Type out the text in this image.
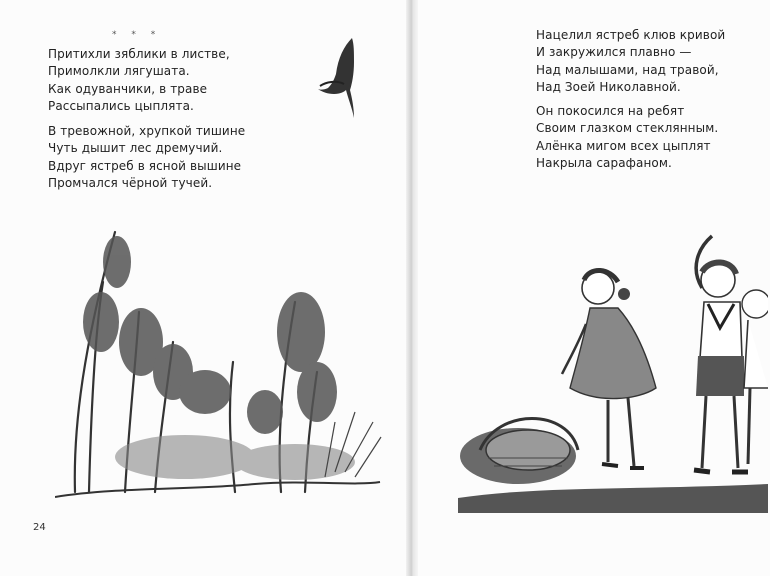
* * *
Притихли зяблики в листве,
Примолкли лягушата.
Как одуванчики, в траве
Рассыпались цыплята.
В тревожной, хрупкой тишине
Чуть дышит лес дремучий.
Вдруг ястреб в ясной вышине
Промчался чёрной тучей.
Нацелил ястреб клюв кривой
И закружился плавно —
Над малышами, над травой,
Над Зоей Николавной.
Он покосился на ребят
Своим глазком стеклянным.
Алёнка мигом всех цыплят
Накрыла сарафаном.
24
